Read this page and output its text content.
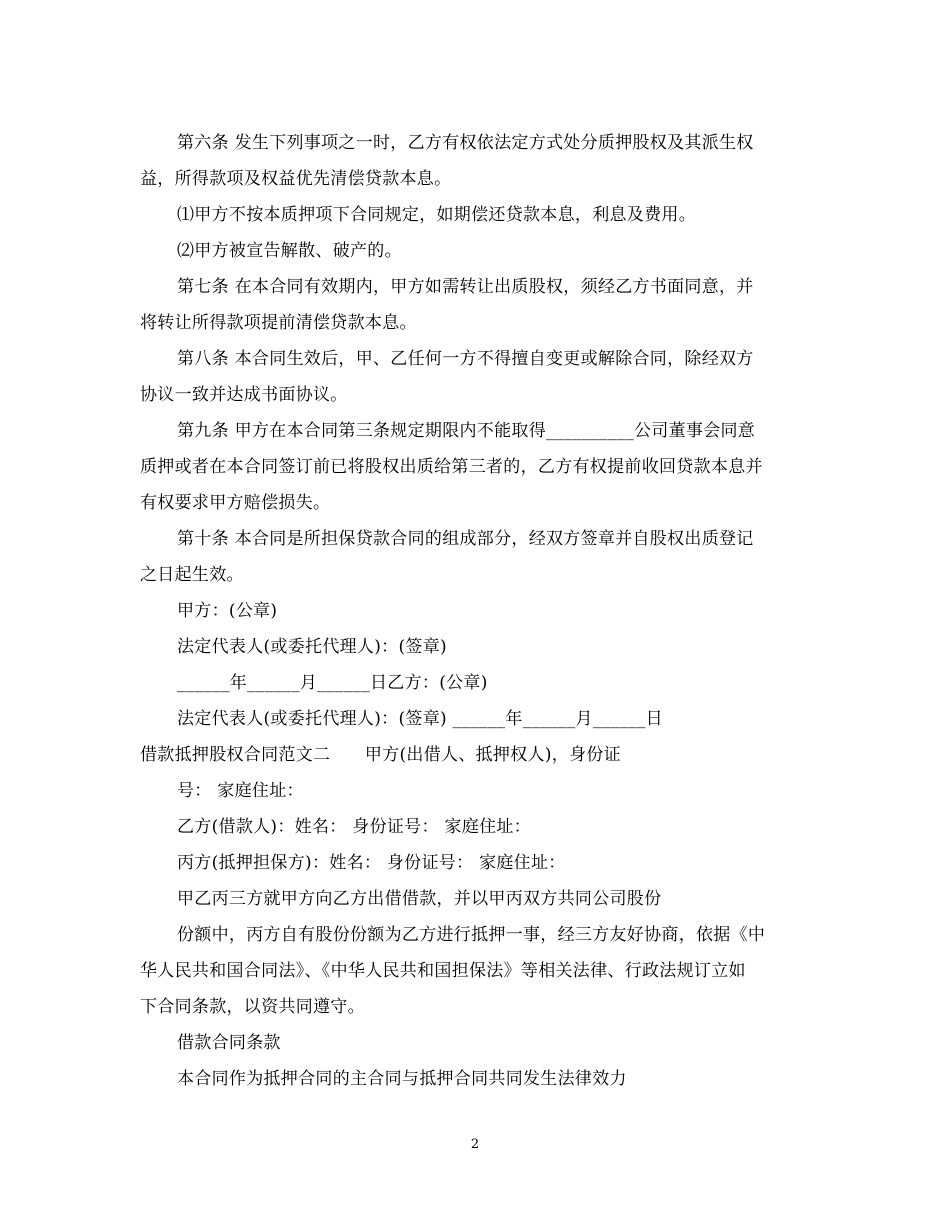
第六条 发生下列事项之一时，乙方有权依法定方式处分质押股权及其派生权
益，所得款项及权益优先清偿贷款本息。
⑴甲方不按本质押项下合同规定，如期偿还贷款本息，利息及费用。
⑵甲方被宣告解散、破产的。
第七条 在本合同有效期内，甲方如需转让出质股权，须经乙方书面同意，并
将转让所得款项提前清偿贷款本息。
第八条 本合同生效后，甲、乙任何一方不得擅自变更或解除合同，除经双方
协议一致并达成书面协议。
第九条 甲方在本合同第三条规定期限内不能取得__________公司董事会同意
质押或者在本合同签订前已将股权出质给第三者的，乙方有权提前收回贷款本息并
有权要求甲方赔偿损失。
第十条 本合同是所担保贷款合同的组成部分，经双方签章并自股权出质登记
之日起生效。
甲方：(公章)
法定代表人(或委托代理人)：(签章)
______年______月______日乙方：(公章)
法定代表人(或委托代理人)：(签章) ______年______月______日
借款抵押股权合同范文二　　甲方(出借人、抵押权人)，身份证
号： 家庭住址：
乙方(借款人)：姓名： 身份证号： 家庭住址：
丙方(抵押担保方)：姓名： 身份证号： 家庭住址：
甲乙丙三方就甲方向乙方出借借款，并以甲丙双方共同公司股份
份额中，丙方自有股份份额为乙方进行抵押一事，经三方友好协商，依据《中
华人民共和国合同法》、《中华人民共和国担保法》等相关法律、行政法规订立如
下合同条款，以资共同遵守。
借款合同条款
本合同作为抵押合同的主合同与抵押合同共同发生法律效力
2
